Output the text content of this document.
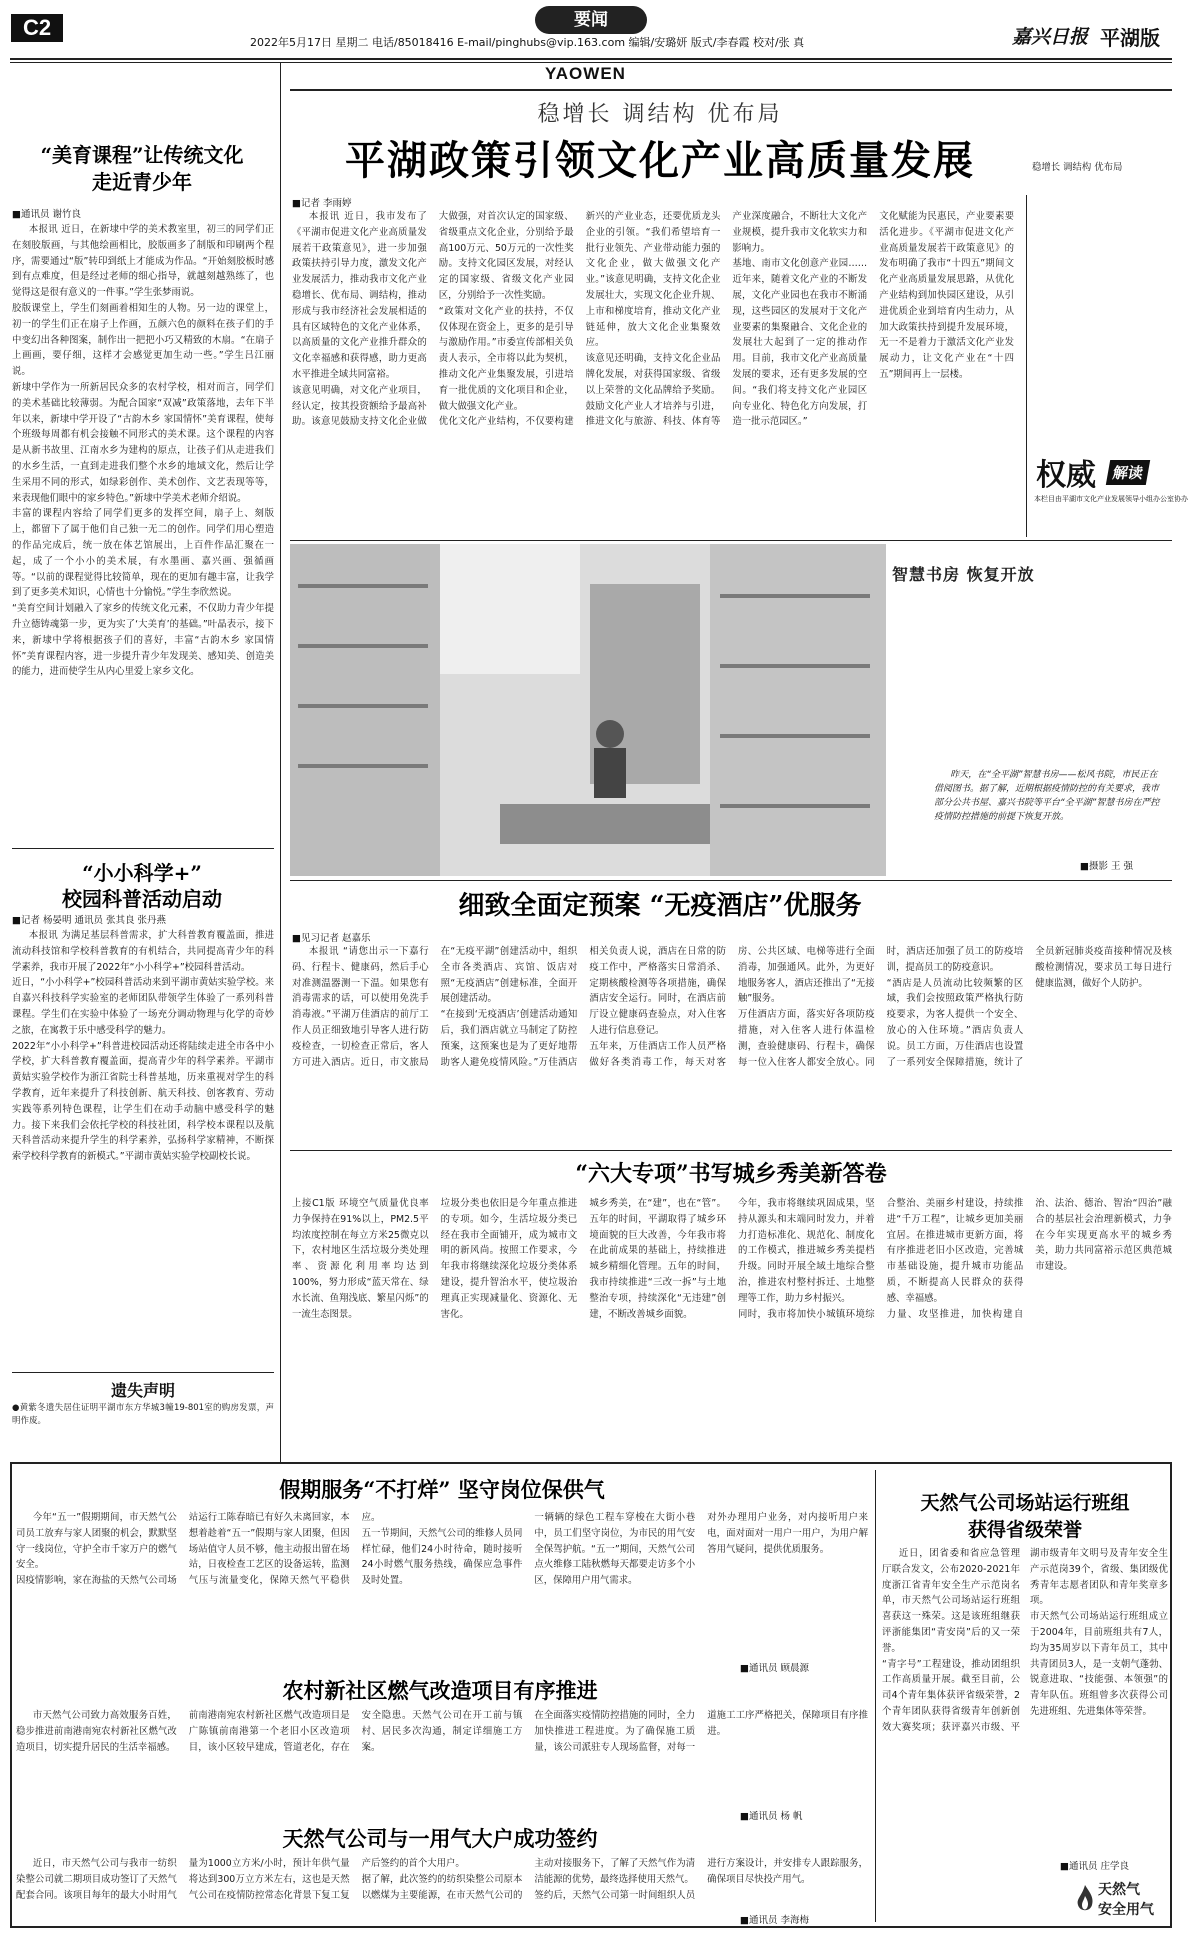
C2	要闻
2022年5月17日 星期二 电话/85018416 E-mail/pinghubs@vip.163.com 编辑/安璐妍 版式/李春霞 校对/张 真	嘉兴日报 平湖版
YAOWEN
“美育课程”让传统文化
走近青少年
■通讯员 谢竹良
本报讯 近日，在新埭中学的美术教室里，初三的同学们正在刻胶版画，与其他绘画相比，胶版画多了制版和印刷两个程序，需要通过“版”转印到纸上才能成为作品。“开始刻胶板时感到有点难度，但是经过老师的细心指导，就越刻越熟练了，也觉得这是很有意义的一件事。”学生张梦雨说。
胶版课堂上，学生们刻画着相知生的人物。另一边的课堂上，初一的学生们正在扇子上作画，五颜六色的颜料在孩子们的手中变幻出各种图案，制作出一把把小巧又精致的木扇。“在扇子上画画，要仔细，这样才会感觉更加生动一些。”学生吕江丽说。
新埭中学作为一所新居民众多的农村学校，相对而言，同学们的美术基础比较薄弱。为配合国家“双减”政策落地，去年下半年以来，新埭中学开设了“古韵木乡 家国情怀”美育课程，使每个班级每周都有机会接触不同形式的美术课。这个课程的内容是从新书故里、江南水乡为建构的原点，让孩子们从走进我们的水乡生活，一直到走进我们整个水乡的地域文化，然后让学生采用不同的形式，如绿彩创作、美术创作、文艺表现等等，来表现他们眼中的家乡特色。”新埭中学美术老师介绍说。
丰富的课程内容给了同学们更多的发挥空间，扇子上、刻版上，都留下了属于他们自己独一无二的创作。同学们用心塑造的作品完成后，统一放在体艺馆展出，上百件作品汇聚在一起，成了一个小小的美术展，有水墨画、嘉兴画、强循画等。“以前的课程觉得比较简单，现在的更加有趣丰富，让我学到了更多美术知识，心情也十分愉悦。”学生李欣然说。
“美育空间计划融入了家乡的传统文化元素，不仅助力青少年提升立德铸魂第一步，更为实了‘大美育’的基础。”叶晶表示，接下来，新埭中学将根据孩子们的喜好，丰富“古韵木乡 家国情怀”美育课程内容，进一步提升青少年发现美、感知美、创造美的能力，进而使学生从内心里爱上家乡文化。
“小小科学+”
校园科普活动启动
■记者 杨晏明 通讯员 张其良 张丹燕
本报讯 为满足基层科普需求，扩大科普教育覆盖面，推进流动科技馆和学校科普教育的有机结合，共同提高青少年的科学素养，我市开展了2022年“小小科学+”校园科普活动。
近日，“小小科学+”校园科普活动来到平湖市黄姑实验学校。来自嘉兴科技科学实验室的老师团队带领学生体验了一系列科普课程。学生们在实验中体验了一场充分调动物理与化学的奇妙之旅，在寓教于乐中感受科学的魅力。
2022年“小小科学+”科普进校园活动还将陆续走进全市各中小学校，扩大科普教育覆盖面，提高青少年的科学素养。平湖市黄姑实验学校作为浙江省院士科普基地，历来重视对学生的科学教育，近年来提升了科技创新、航天科技、创客教育、劳动实践等系列特色课程，让学生们在动手动脑中感受科学的魅力。接下来我们会依托学校的科技社团，科学校本课程以及航天科普活动来提升学生的科学素养，弘扬科学家精神，不断探索学校科学教育的新模式。”平湖市黄姑实验学校副校长说。
遗失声明
●黄紫冬遗失居住证明平湖市东方华城3幢19-801室的购房发票，声明作废。
稳增长 调结构 优布局
平湖政策引领文化产业高质量发展
■记者 李雨婷
本报讯 近日，我市发布了《平湖市促进文化产业高质量发展若干政策意见》，进一步加强政策扶持引导力度，激发文化产业发展活力，推动我市文化产业稳增长、优布局、调结构，推动形成与我市经济社会发展相适的具有区域特色的文化产业体系，以高质量的文化产业推升群众的文化幸福感和获得感，助力更高水平推进全域共同富裕。
该意见明确，对文化产业项目，经认定，按其投资额给予最高补助。该意见鼓励支持文化企业做大做强，对首次认定的国家级、省级重点文化企业，分别给予最高100万元、50万元的一次性奖励。支持文化园区发展，对经认定的国家级、省级文化产业园区，分别给予一次性奖励。
“政策对文化产业的扶持，不仅仅体现在资金上，更多的是引导与激励作用。”市委宣传部相关负责人表示，全市将以此为契机，推动文化产业集聚发展，引进培育一批优质的文化项目和企业，做大做强文化产业。
优化文化产业结构，不仅要构建新兴的产业业态，还要优质龙头企业的引领。“我们希望培育一批行业领先、产业带动能力强的文化企业，做大做强文化产业。”该意见明确，支持文化企业发展壮大，实现文化企业升规、上市和梯度培育，推动文化产业链延伸，放大文化企业集聚效应。
该意见还明确，支持文化企业品牌化发展，对获得国家级、省级以上荣誉的文化品牌给予奖励。鼓励文化产业人才培养与引进，推进文化与旅游、科技、体育等产业深度融合，不断壮大文化产业规模，提升我市文化软实力和影响力。
基地、南市文化创意产业园……近年来，随着文化产业的不断发展，文化产业园也在我市不断涌现，这些园区的发展对于文化产业要素的集聚融合、文化企业的发展壮大起到了一定的推动作用。目前，我市文化产业高质量发展的要求，还有更多发展的空间。“我们将支持文化产业园区向专业化、特色化方向发展，打造一批示范园区。”
文化赋能为民惠民，产业要素要活化进步。《平湖市促进文化产业高质量发展若干政策意见》的发布明确了我市“十四五”期间文化产业高质量发展思路，从优化产业结构到加快园区建设，从引进优质企业到培育内生动力，从加大政策扶持到提升发展环境，无一不是着力于激活文化产业发展动力，让文化产业在“十四五”期间再上一层楼。
稳增长 调结构 优布局
权威	解读
本栏目由平湖市文化产业发展领导小组办公室协办
智慧书房 恢复开放
昨天，在“全平湖”智慧书房——松风书院，市民正在借阅图书。据了解，近期根据疫情防控的有关要求，我市部分公共书屋、嘉兴书院等平台“全平湖”智慧书房在严控疫情防控措施的前提下恢复开放。
■摄影 王 强
细致全面定预案 “无疫酒店”优服务
■见习记者 赵嘉乐
本报讯 “请您出示一下嘉行码、行程卡、健康码，然后手心对准测温器测一下温。如果您有消毒需求的话，可以使用免洗手消毒液。”平湖万佳酒店的前厅工作人员正细致地引导客人进行防疫检查，一切检查正常后，客人方可进入酒店。近日，市文旅局在“无疫平湖”创建活动中，组织全市各类酒店、宾馆、饭店对照“无疫酒店”创建标准，全面开展创建活动。
“在接到‘无疫酒店’创建活动通知后，我们酒店就立马制定了防控预案，这预案也是为了更好地帮助客人避免疫情风险。”万佳酒店相关负责人说，酒店在日常的防疫工作中，严格落实日常消杀、定期核酸检测等各项措施，确保酒店安全运行。同时，在酒店前厅设立健康码查验点，对入住客人进行信息登记。
五年来，万佳酒店工作人员严格做好各类消毒工作，每天对客房、公共区域、电梯等进行全面消毒，加强通风。此外，为更好地服务客人，酒店还推出了“无接触”服务。
万佳酒店方面，落实好各项防疫措施，对入住客人进行体温检测，查验健康码、行程卡，确保每一位入住客人都安全放心。同时，酒店还加强了员工的防疫培训，提高员工的防疫意识。
“酒店是人员流动比较频繁的区域，我们会按照政策严格执行防疫要求，为客人提供一个安全、放心的入住环境。”酒店负责人说。员工方面，万佳酒店也设置了一系列安全保障措施，统计了全员新冠肺炎疫苗接种情况及核酸检测情况，要求员工每日进行健康监测，做好个人防护。
“六大专项”书写城乡秀美新答卷
上接C1版 环境空气质量优良率力争保持在91%以上，PM2.5平均浓度控制在每立方米25微克以下，农村地区生活垃圾分类处理率、资源化利用率均达到100%，努力形成“蓝天常在、绿水长流、鱼翔浅底、繁星闪烁”的一流生态图景。
垃圾分类也依旧是今年重点推进的专项。如今，生活垃圾分类已经在我市全面铺开，成为城市文明的新风尚。按照工作要求，今年我市将继续深化垃圾分类体系建设，提升智治水平，使垃圾治理真正实现减量化、资源化、无害化。
城乡秀美，在“建”，也在“管”。五年的时间，平湖取得了城乡环境面貌的巨大改善，今年我市将在此前成果的基础上，持续推进城乡精细化管理。五年的时间，我市持续推进“三改一拆”与土地整治专项，持续深化“无违建”创建，不断改善城乡面貌。
今年，我市将继续巩固成果，坚持从源头和末端同时发力，并着力打造标准化、规范化、制度化的工作模式，推进城乡秀美提档升级。同时开展全域土地综合整治，推进农村整村拆迁、土地整理等工作，助力乡村振兴。
同时，我市将加快小城镇环境综合整治、美丽乡村建设，持续推进“千万工程”，让城乡更加美丽宜居。在推进城市更新方面，将有序推进老旧小区改造，完善城市基础设施，提升城市功能品质，不断提高人民群众的获得感、幸福感。
力量、攻坚推进，加快构建自治、法治、德治、智治“四治”融合的基层社会治理新模式，力争在今年实现更高水平的城乡秀美，助力共同富裕示范区典范城市建设。
假期服务“不打烊” 坚守岗位保供气
今年“五一”假期期间，市天然气公司员工放弃与家人团聚的机会，默默坚守一线岗位，守护全市千家万户的燃气安全。
因疫情影响，家在海盐的天然气公司场站运行工陈春暗已有好久未离回家，本想着趁着“五一”假期与家人团聚，但因场站值守人员不够，他主动报出留在场站，日夜检查工艺区的设备运转，监测气压与流量变化，保障天然气平稳供应。
五一节期间，天然气公司的维修人员同样忙碌，他们24小时待命，随时接听24小时燃气服务热线，确保应急事件及时处置。
一辆辆的绿色工程车穿梭在大街小巷中，员工们坚守岗位，为市民的用气安全保驾护航。“五一”期间，天然气公司点火维修工陆秋燃每天都要走访多个小区，保障用户用气需求。
对外办理用户业务，对内接听用户来电，面对面对一用户一用户，为用户解答用气疑问，提供优质服务。
■通讯员 顾晨源
农村新社区燃气改造项目有序推进
市天然气公司致力高效服务百姓，稳步推进前南港南宛农村新社区燃气改造项目，切实提升居民的生活幸福感。
前南港南宛农村新社区燃气改造项目是广陈镇前南港第一个老旧小区改造项目，该小区较早建成，管道老化，存在安全隐患。天然气公司在开工前与镇村、居民多次沟通，制定详细施工方案。
在全面落实疫情防控措施的同时，全力加快推进工程进度。为了确保施工质量，该公司派驻专人现场监督，对每一道施工工序严格把关，保障项目有序推进。
■通讯员 杨 帆
天然气公司与一用气大户成功签约
近日，市天然气公司与我市一纺织染整公司就二期项目成功签订了天然气配套合同。该项目每年的最大小时用气量为1000立方米/小时，预计年供气量将达到300万立方米左右，这也是天然气公司在疫情防控常态化背景下复工复产后签约的首个大用户。
据了解，此次签约的纺织染整公司原本以燃煤为主要能源，在市天然气公司的主动对接服务下，了解了天然气作为清洁能源的优势，最终选择使用天然气。
签约后，天然气公司第一时间组织人员进行方案设计，并安排专人跟踪服务，确保项目尽快投产用气。
■通讯员 李海梅
天然气公司场站运行班组
获得省级荣誉
近日，团省委和省应急管理厅联合发文，公布2020-2021年度浙江省青年安全生产示范岗名单，市天然气公司场站运行班组喜获这一殊荣。这是该班组继获评浙能集团“青安岗”后的又一荣誉。
“青字号”工程建设，推动团组织工作高质量开展。截至目前，公司4个青年集体获评省级荣誉，2个青年团队获得省级青年创新创效大赛奖项；获评嘉兴市级、平湖市级青年文明号及青年安全生产示范岗39个，省级、集团级优秀青年志愿者团队和青年奖章多项。
市天然气公司场站运行班组成立于2004年，目前班组共有7人，均为35周岁以下青年员工，其中共青团员3人，是一支朝气蓬勃、锐意进取、“技能强、本领强”的青年队伍。班组曾多次获得公司先进班组、先进集体等荣誉。
■通讯员 庄学良
天然气
安全用气
